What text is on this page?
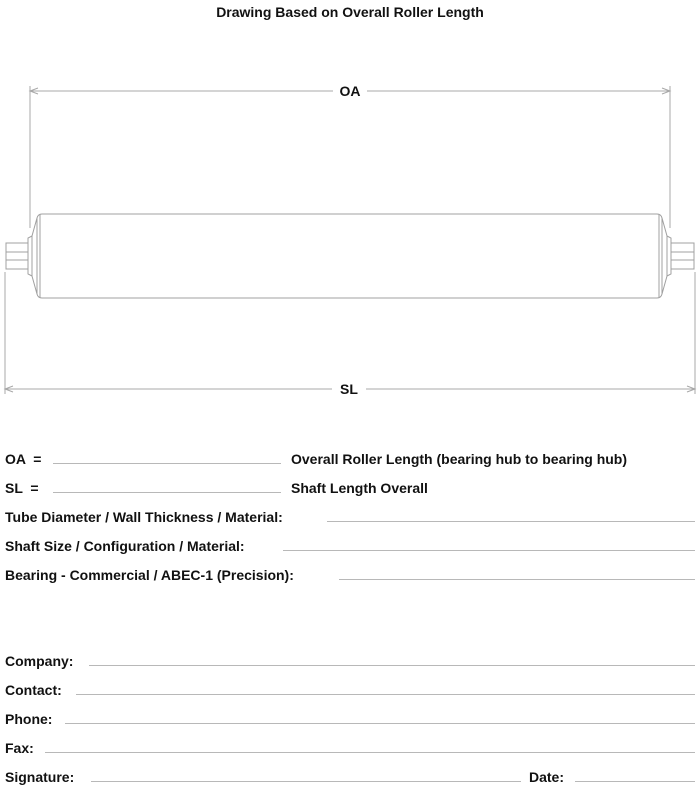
Drawing Based on Overall Roller Length
OA
SL
OA  =	Overall Roller Length (bearing hub to bearing hub)
SL  =	Shaft Length Overall
Tube Diameter / Wall Thickness / Material:
Shaft Size / Configuration / Material:
Bearing - Commercial / ABEC-1 (Precision):
Company:
Contact:
Phone:
Fax:
Signature:	Date:
